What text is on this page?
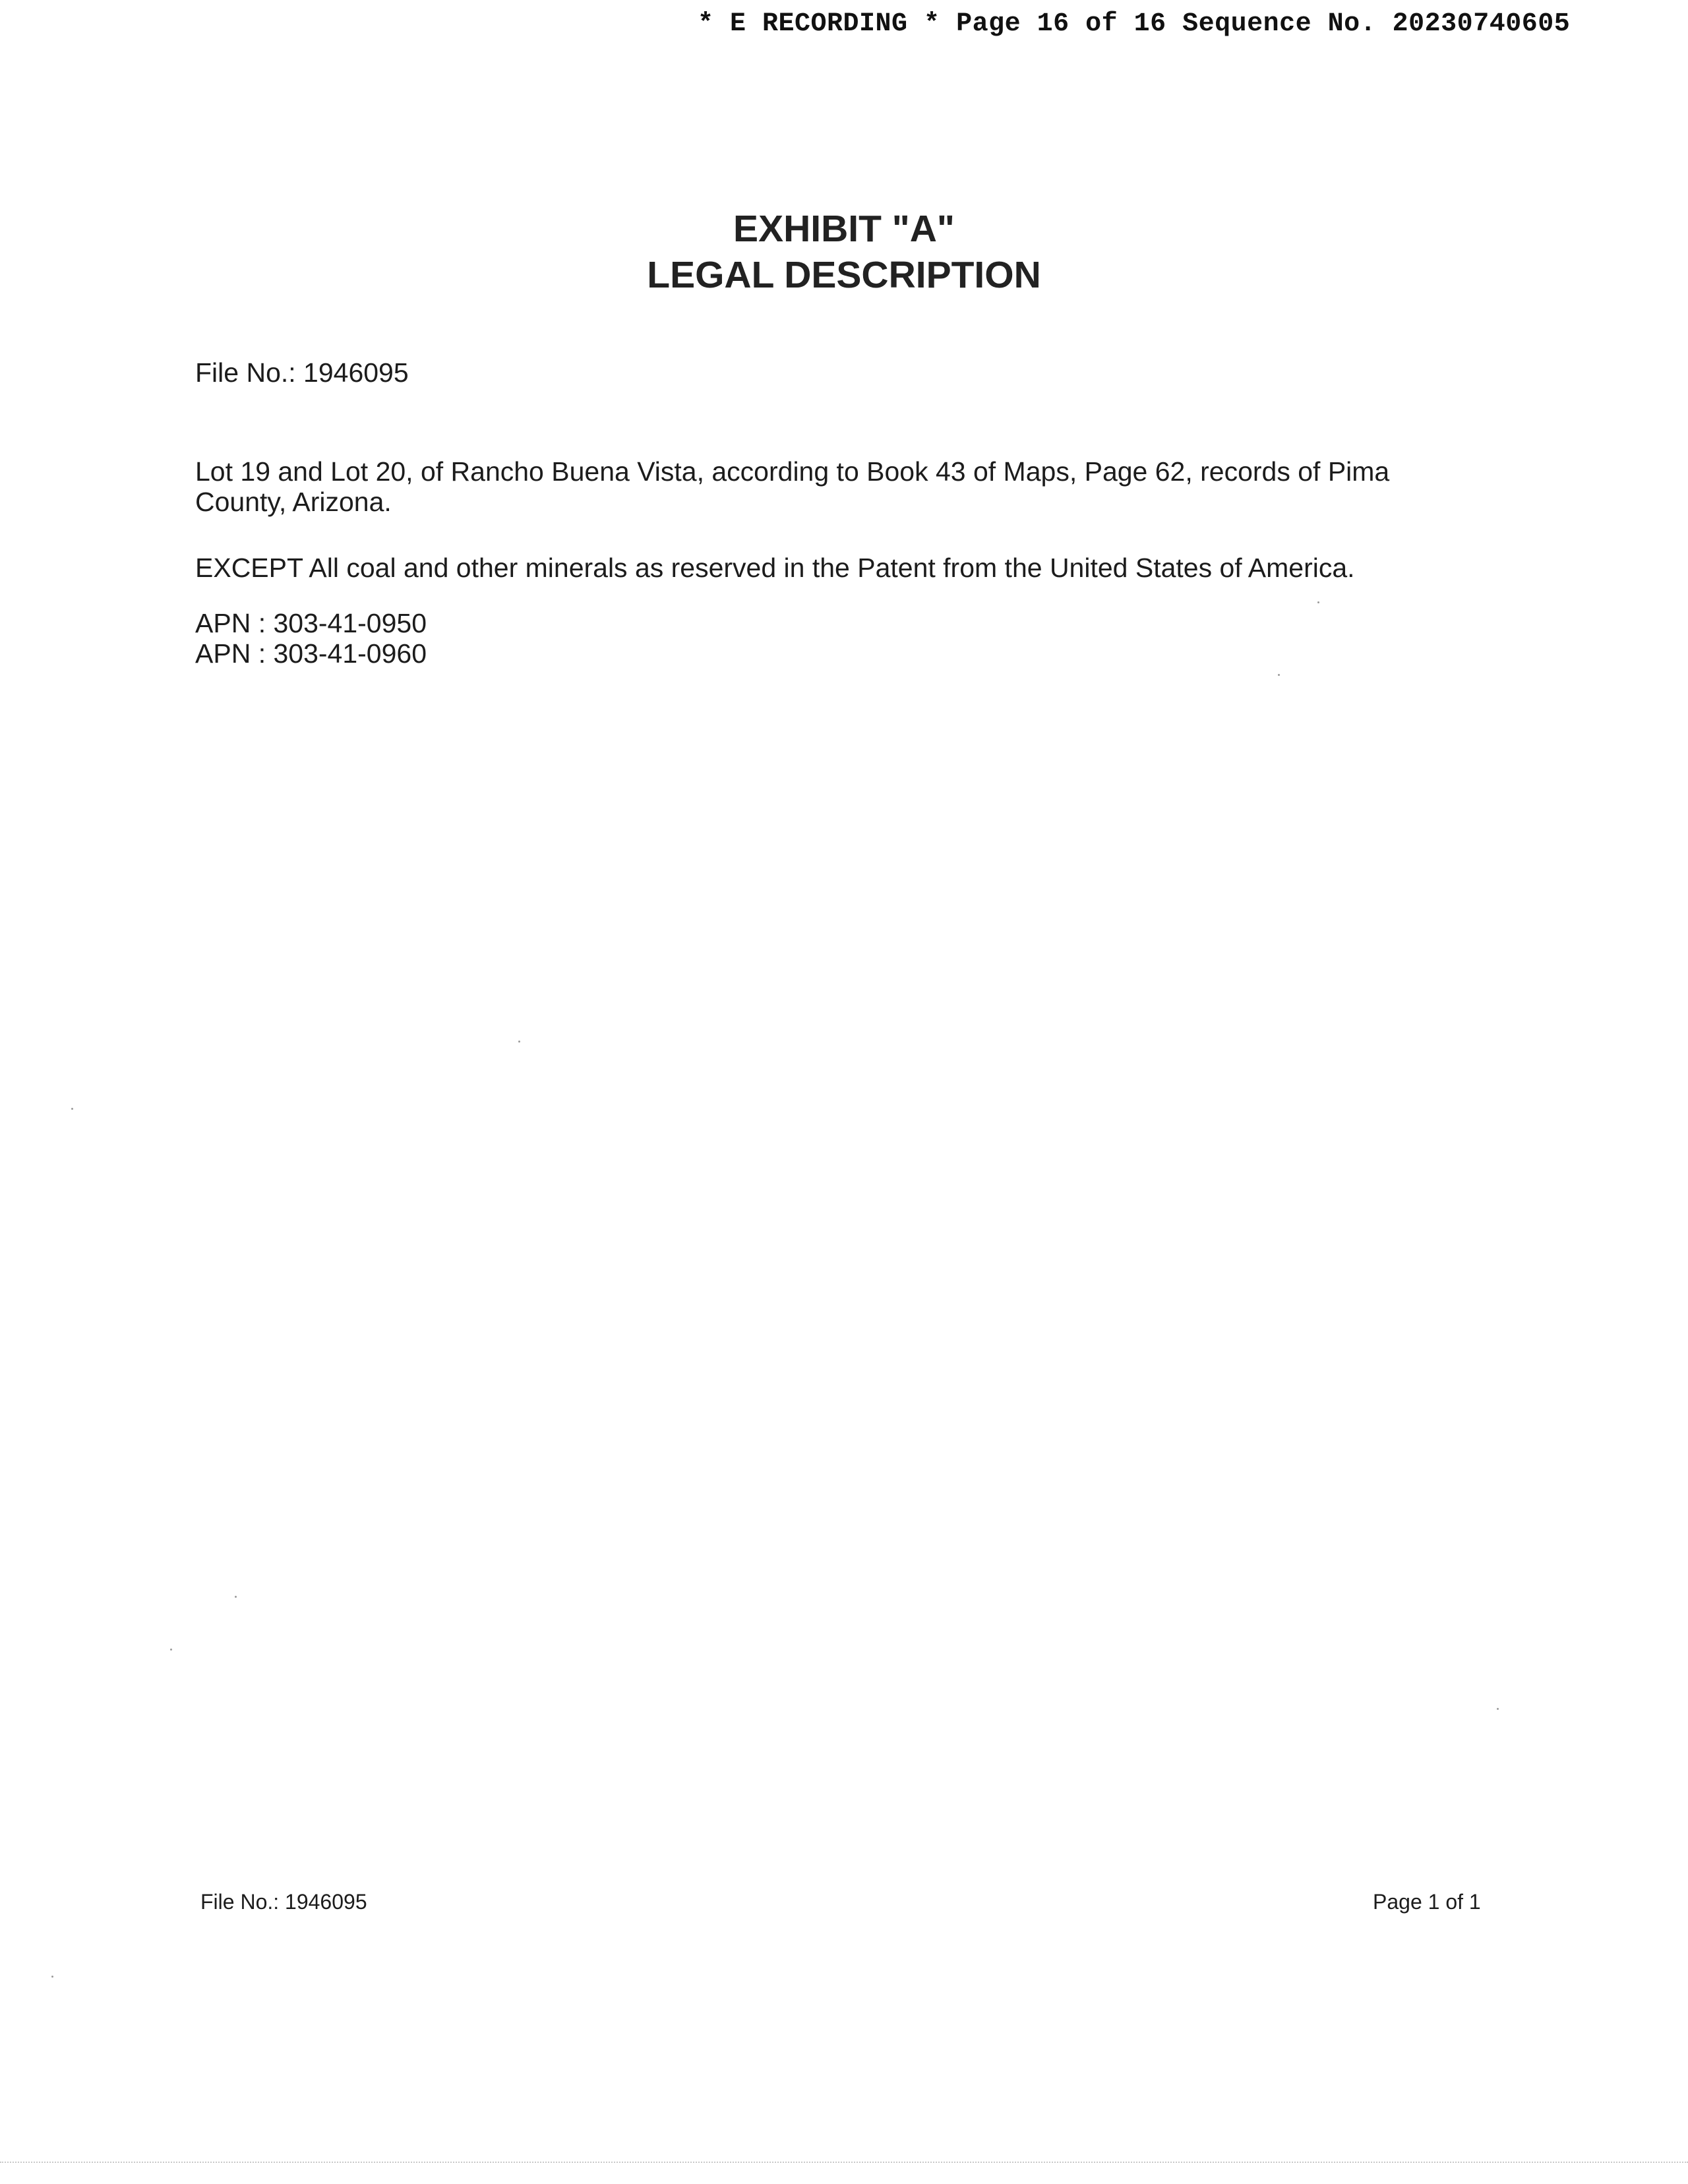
* E RECORDING * Page 16 of 16 Sequence No. 20230740605
EXHIBIT "A"
LEGAL DESCRIPTION
File No.: 1946095
Lot 19 and Lot 20, of Rancho Buena Vista, according to Book 43 of Maps, Page 62, records of Pima
County, Arizona.
EXCEPT All coal and other minerals as reserved in the Patent from the United States of America.
APN : 303-41-0950
APN : 303-41-0960
File No.: 1946095	Page 1 of 1
